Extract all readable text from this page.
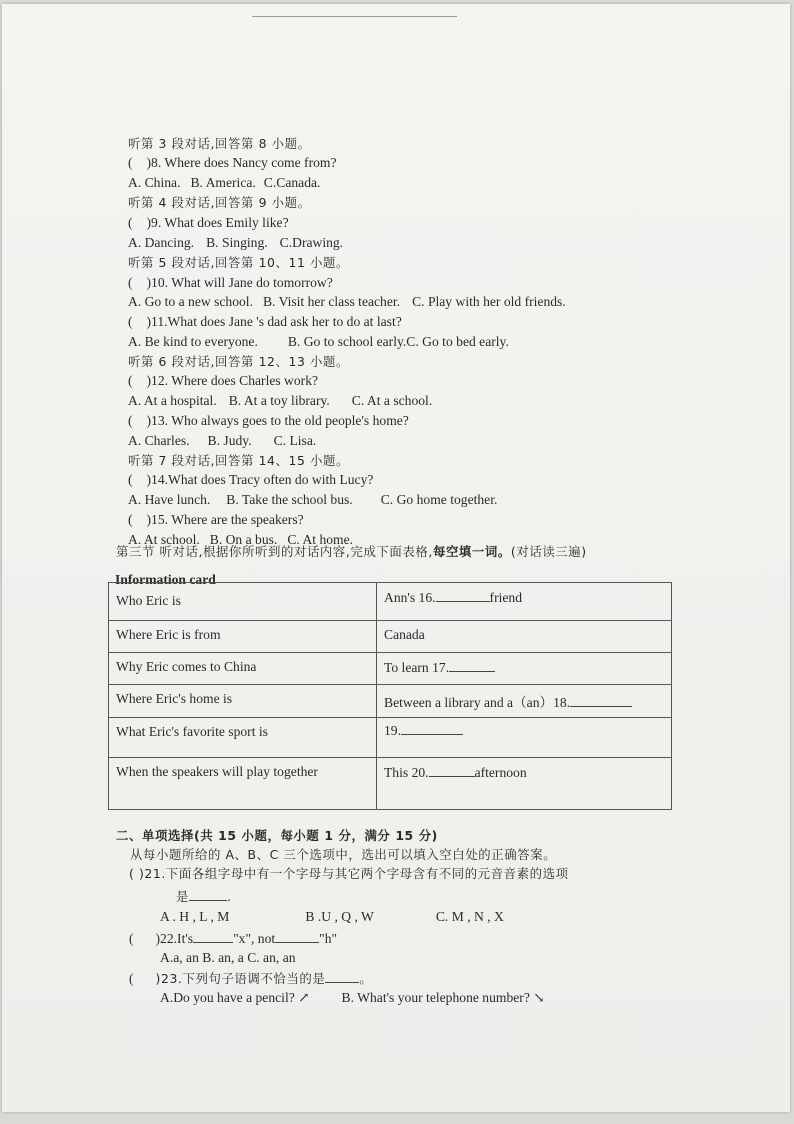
听第 3 段对话,回答第 8 小题。
( )8. Where does Nancy come from?
A. China. B. America. C.Canada.
听第 4 段对话,回答第 9 小题。
( )9. What does Emily like?
A. Dancing. B. Singing. C.Drawing.
听第 5 段对话,回答第 10、11 小题。
( )10. What will Jane do tomorrow?
A. Go to a new school. B. Visit her class teacher. C. Play with her old friends.
( )11.What does Jane 's dad ask her to do at last?
A. Be kind to everyone. B. Go to school early.C. Go to bed early.
听第 6 段对话,回答第 12、13 小题。
( )12. Where does Charles work?
A. At a hospital. B. At a toy library. C. At a school.
( )13. Who always goes to the old people's home?
A. Charles. B. Judy. C. Lisa.
听第 7 段对话,回答第 14、15 小题。
( )14.What does Tracy often do with Lucy?
A. Have lunch. B. Take the school bus. C. Go home together.
( )15. Where are the speakers?
A. At school. B. On a bus. C. At home.
第三节 听对话,根据你所听到的对话内容,完成下面表格,每空填一词。(对话读三遍)
Information card
Who Eric is	Ann's 16. friend
Where Eric is from	Canada
Why Eric comes to China	To learn 17.
Where Eric's home is	Between a library and a（an）18.
What Eric's favorite sport is	19.
When the speakers will play together	This 20. afternoon
二、单项选择(共 15 小题，每小题 1 分，满分 15 分)
从每小题所给的 A、B、C 三个选项中，选出可以填入空白处的正确答案。
( )21.下面各组字母中有一个字母与其它两个字母含有不同的元音音素的选项
是	.
A . H , L , M	B .U , Q , W	C. M , N , X
( )22.It's	"x", not	"h"
A.a, an B. an, a C. an, an
( )23.下列句子语调不恰当的是	。
A.Do you have a pencil? ↗ B. What's your telephone number? ↘
